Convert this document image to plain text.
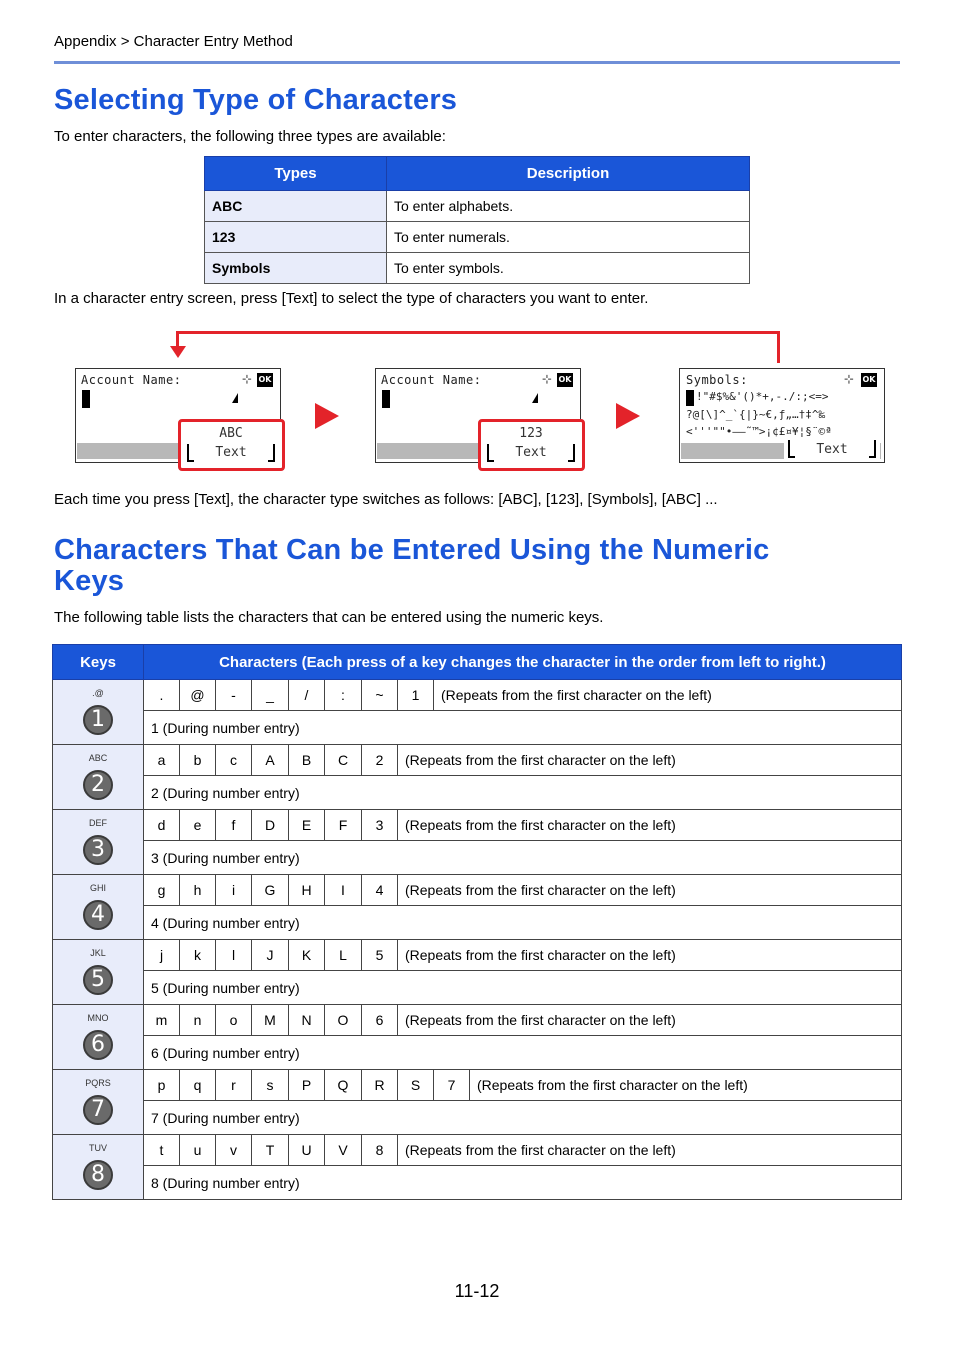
Appendix > Character Entry Method
Selecting Type of Characters
To enter characters, the following three types are available:
Types	Description
ABC	To enter alphabets.
123	To enter numerals.
Symbols	To enter symbols.
In a character entry screen, press [Text] to select the type of characters you want to enter.
Account Name:	⊹ OK
ABC
Text
Account Name:	⊹ OK
123
Text
Symbols:	⊹ OK
!"#$%&'()*+,-./:;<=>
?@[\]^_`{|}~€,ƒ„…†‡^‰
<'''""•––˜™>¡¢£¤¥¦§¨©ª
Text
Each time you press [Text], the character type switches as follows: [ABC], [123], [Symbols], [ABC] ...
Characters That Can be Entered Using the Numeric
Keys
The following table lists the characters that can be entered using the numeric keys.
Keys	Characters (Each press of a key changes the character in the order from left to right.)									

.@
1	.	@	-	_	/	:	~	1	(Repeats from the first character on the left)	
	1 (During number entry)									

ABC
2	a	b	c	A	B	C	2	(Repeats from the first character on the left)		
	2 (During number entry)									

DEF
3	d	e	f	D	E	F	3	(Repeats from the first character on the left)		
	3 (During number entry)									

GHI
4	g	h	i	G	H	I	4	(Repeats from the first character on the left)		
	4 (During number entry)									

JKL
5	j	k	l	J	K	L	5	(Repeats from the first character on the left)		
	5 (During number entry)									

MNO
6	m	n	o	M	N	O	6	(Repeats from the first character on the left)		
	6 (During number entry)									

PQRS
7	p	q	r	s	P	Q	R	S	7	(Repeats from the first character on the left)
	7 (During number entry)									

TUV
8	t	u	v	T	U	V	8	(Repeats from the first character on the left)		
	8 (During number entry)									
11-12
